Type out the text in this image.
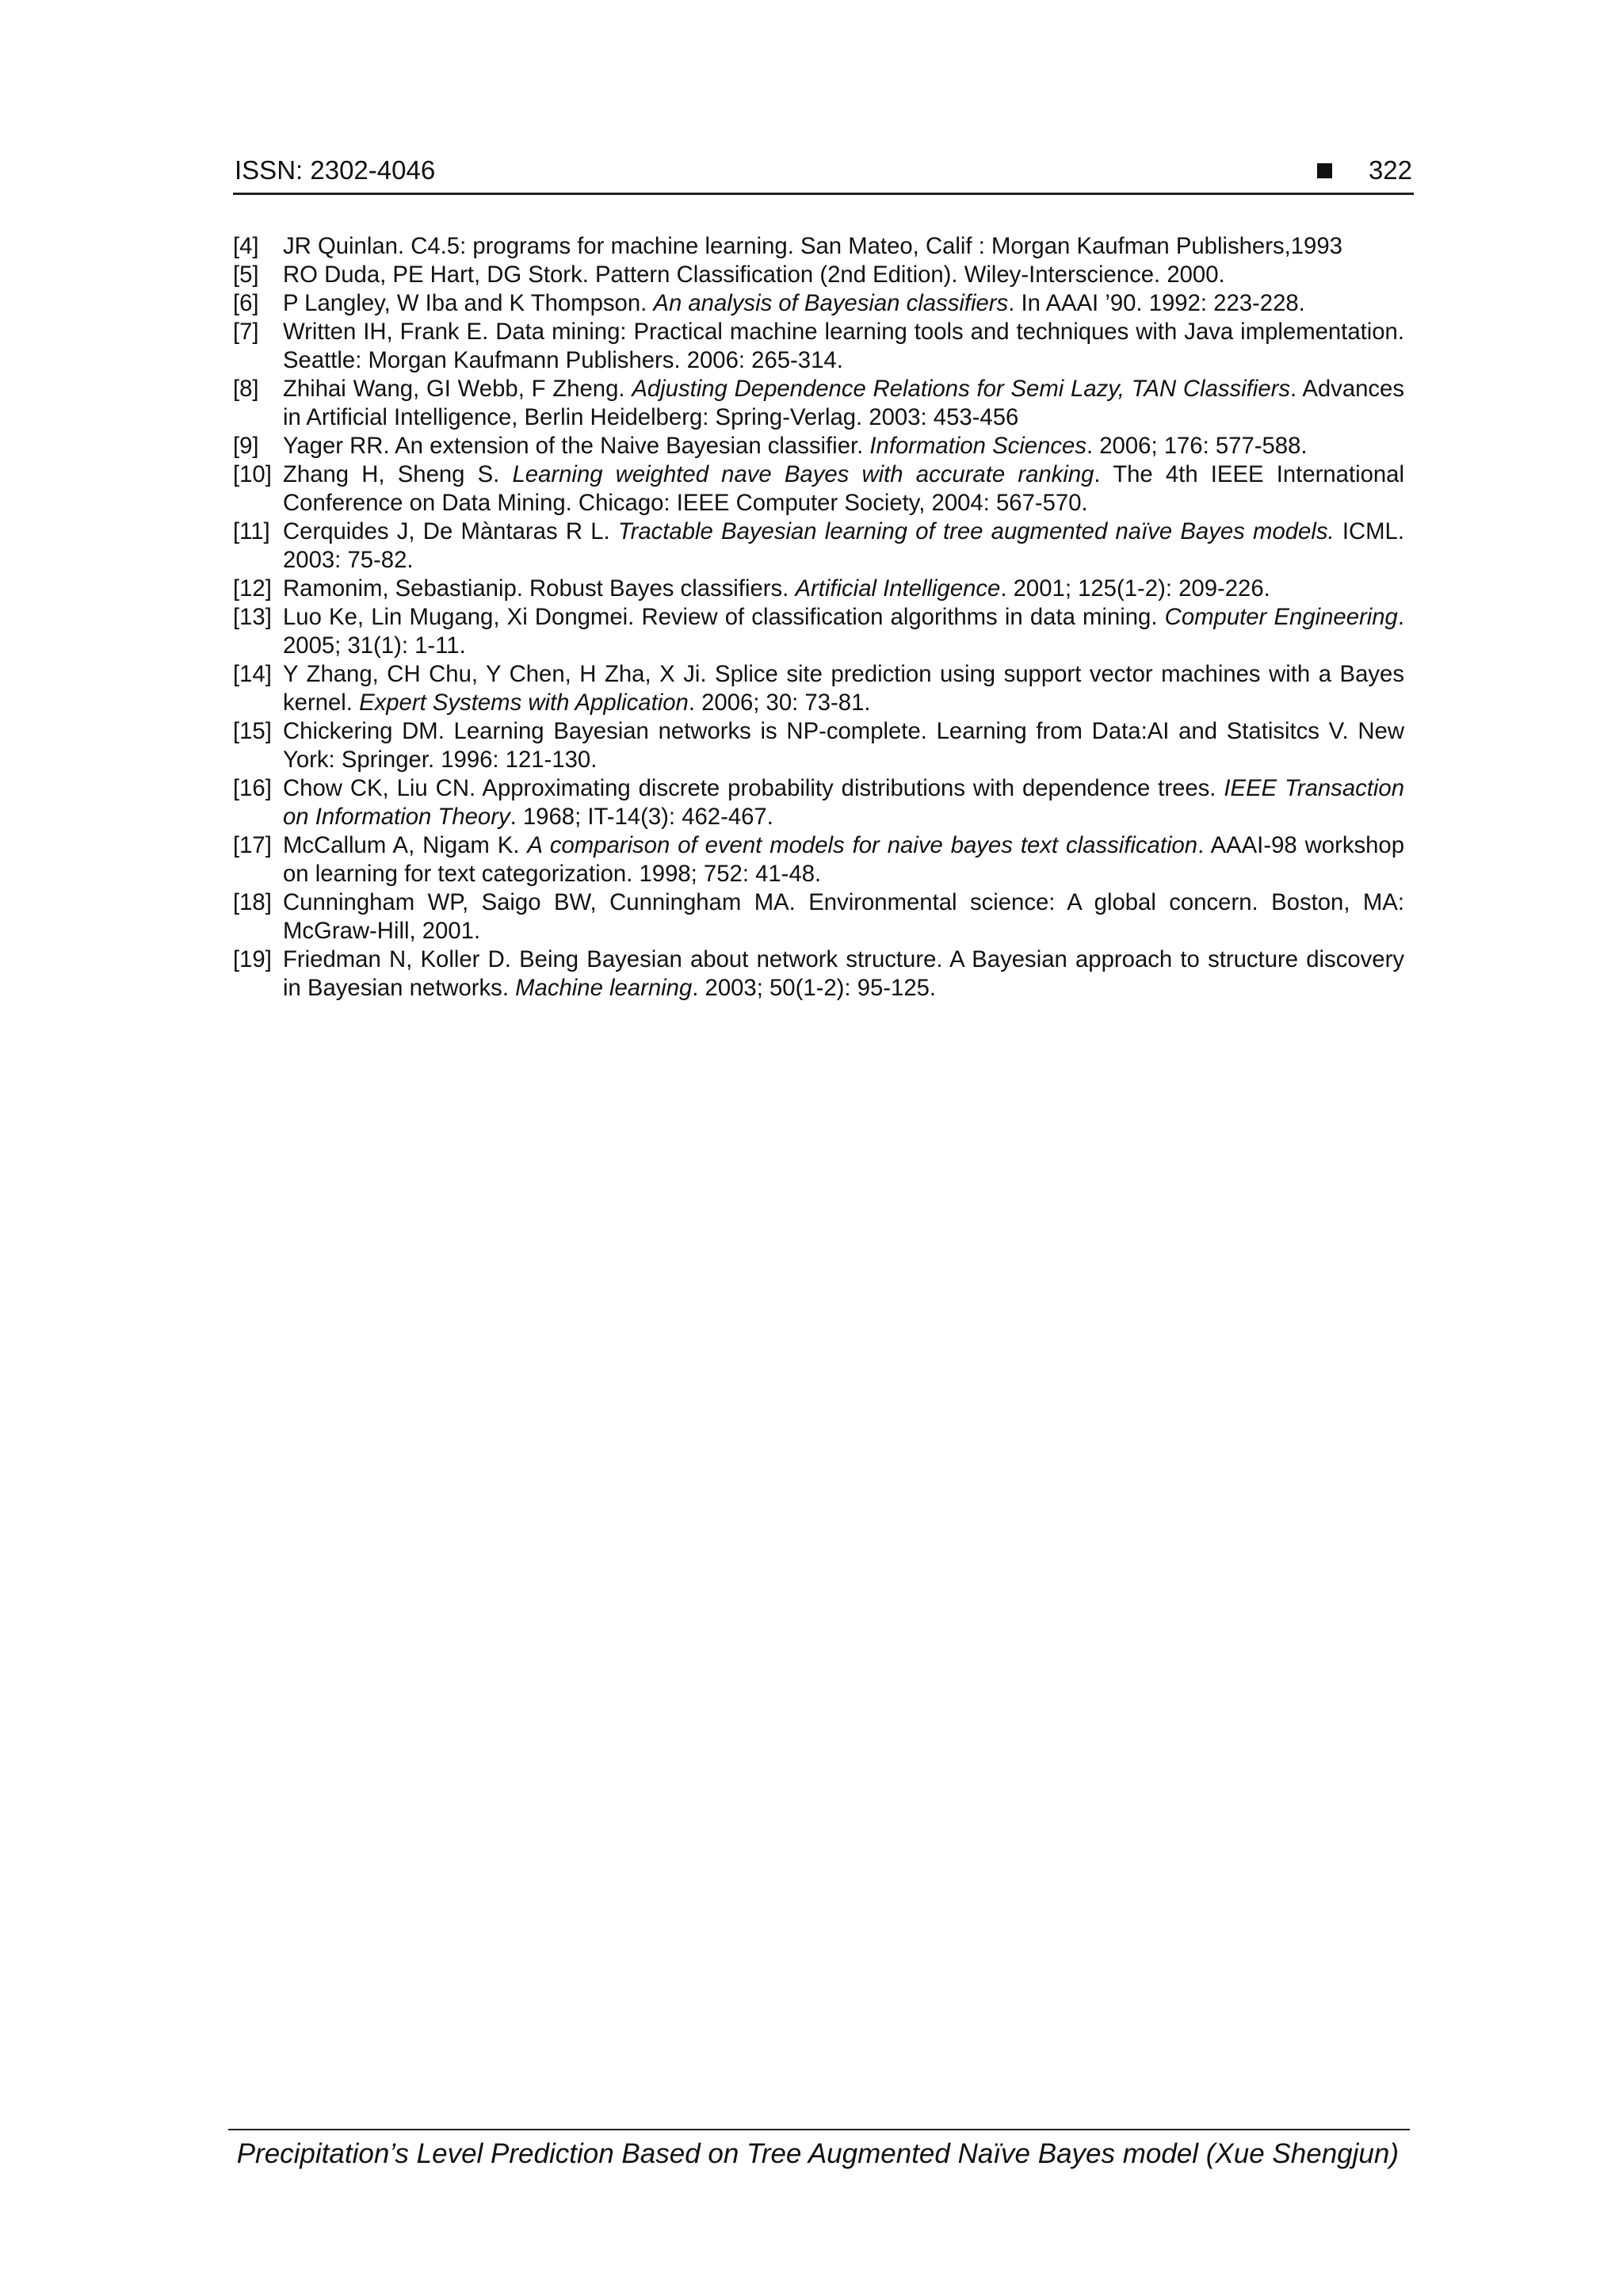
ISSN: 2302-4046	322
[4] JR Quinlan. C4.5: programs for machine learning. San Mateo, Calif : Morgan Kaufman Publishers,1993
[5] RO Duda, PE Hart, DG Stork. Pattern Classification (2nd Edition). Wiley-Interscience. 2000.
[6] P Langley, W Iba and K Thompson. An analysis of Bayesian classifiers. In AAAI ’90. 1992: 223-228.
[7] Written IH, Frank E. Data mining: Practical machine learning tools and techniques with Java implementation. Seattle: Morgan Kaufmann Publishers. 2006: 265-314.
[8] Zhihai Wang, GI Webb, F Zheng. Adjusting Dependence Relations for Semi Lazy, TAN Classifiers. Advances in Artificial Intelligence, Berlin Heidelberg: Spring-Verlag. 2003: 453-456
[9] Yager RR. An extension of the Naive Bayesian classifier. Information Sciences. 2006; 176: 577-588.
[10] Zhang H, Sheng S. Learning weighted nave Bayes with accurate ranking. The 4th IEEE International Conference on Data Mining. Chicago: IEEE Computer Society, 2004: 567-570.
[11] Cerquides J, De Màntaras R L. Tractable Bayesian learning of tree augmented naïve Bayes models. ICML. 2003: 75-82.
[12] Ramonim, Sebastianip. Robust Bayes classifiers. Artificial Intelligence. 2001; 125(1-2): 209-226.
[13] Luo Ke, Lin Mugang, Xi Dongmei. Review of classification algorithms in data mining. Computer Engineering. 2005; 31(1): 1-11.
[14] Y Zhang, CH Chu, Y Chen, H Zha, X Ji. Splice site prediction using support vector machines with a Bayes kernel. Expert Systems with Application. 2006; 30: 73-81.
[15] Chickering DM. Learning Bayesian networks is NP-complete. Learning from Data:AI and Statisitcs V. New York: Springer. 1996: 121-130.
[16] Chow CK, Liu CN. Approximating discrete probability distributions with dependence trees. IEEE Transaction on Information Theory. 1968; IT-14(3): 462-467.
[17] McCallum A, Nigam K. A comparison of event models for naive bayes text classification. AAAI-98 workshop on learning for text categorization. 1998; 752: 41-48.
[18] Cunningham WP, Saigo BW, Cunningham MA. Environmental science: A global concern. Boston, MA: McGraw-Hill, 2001.
[19] Friedman N, Koller D. Being Bayesian about network structure. A Bayesian approach to structure discovery in Bayesian networks. Machine learning. 2003; 50(1-2): 95-125.
Precipitation’s Level Prediction Based on Tree Augmented Naïve Bayes model (Xue Shengjun)
